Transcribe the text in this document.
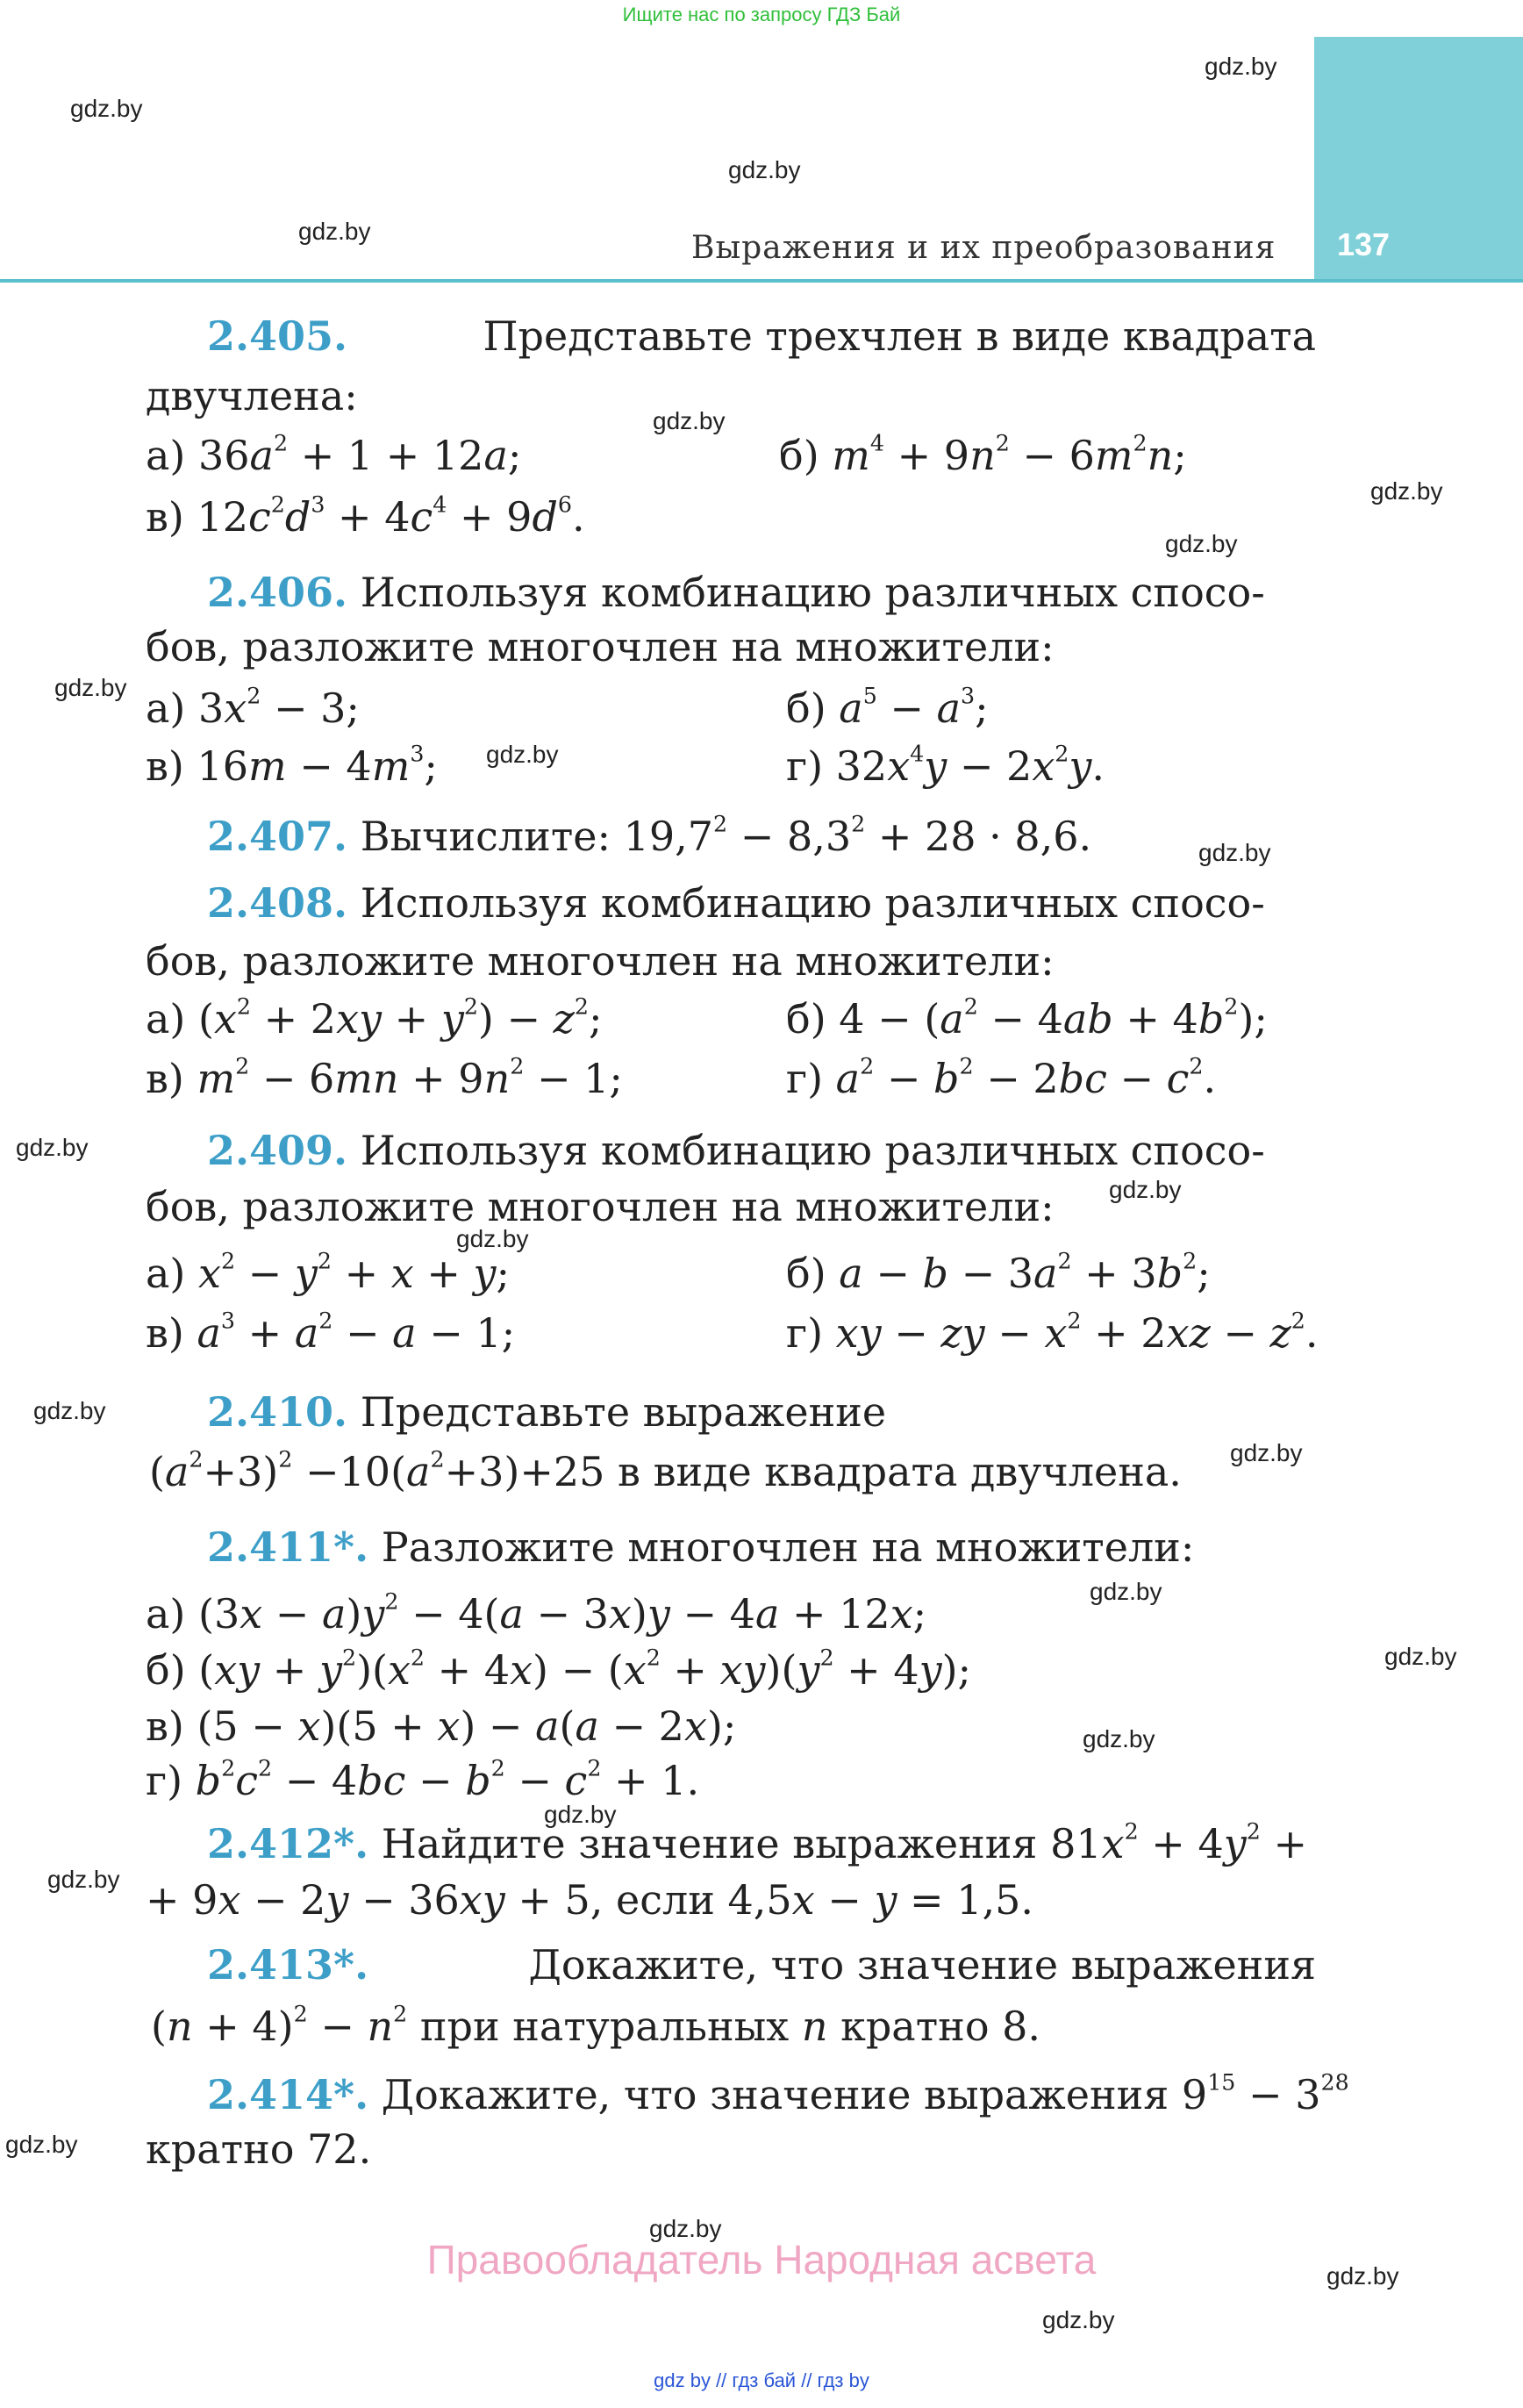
Ищите нас по запросу ГДЗ Бай
137
Выражения и их преобразования
gdz.by
gdz.by
gdz.by
gdz.by
gdz.by
gdz.by
gdz.by
gdz.by
gdz.by
gdz.by
gdz.by
gdz.by
gdz.by
gdz.by
gdz.by
gdz.by
gdz.by
gdz.by
gdz.by
gdz.by
gdz.by
gdz.by
gdz.by
gdz.by
2.405.	Представьте трехчлен в виде квадрата
двучлена:
а) $36a^2 + 1 + 12a$;	б) $m^4 + 9n^2 - 6m^2n$;
в) $12c^2d^3 + 4c^4 + 9d^6$.
2.406. Используя комбинацию различных спосо-
бов, разложите многочлен на множители:
а) $3x^2 - 3$;	б) $a^5 - a^3$;
в) $16m - 4m^3$;	г) $32x^4y - 2x^2y$.
2.407. Вычислите: $19,7^2 - 8,3^2 + 28 \cdot 8,6$.
2.408. Используя комбинацию различных спосо-
бов, разложите многочлен на множители:
а) $(x^2 + 2xy + y^2) - z^2$;	б) $4 - (a^2 - 4ab + 4b^2)$;
в) $m^2 - 6mn + 9n^2 - 1$;	г) $a^2 - b^2 - 2bc - c^2$.
2.409. Используя комбинацию различных спосо-
бов, разложите многочлен на множители:
а) $x^2 - y^2 + x + y$;	б) $a - b - 3a^2 + 3b^2$;
в) $a^3 + a^2 - a - 1$;	г) xy − zy − $x^2 + 2xz - z^2$.
2.410. Представьте выражение
$(a^2+3)^2 -10(a^2+3)+25$ в виде квадрата двучлена.
2.411*. Разложите многочлен на множители:
а) $(3x - a)y^2 - 4(a - 3x)y - 4a + 12x$;
б) $(xy + y^2)(x^2 + 4x) - (x^2 + xy)(y^2 + 4y)$;
в) (5 − x)(5 + x) − a(a − 2x);
г) $b^2c^2 - 4bc - b^2 - c^2 + 1$.
2.412*. Найдите значение выражения $81x^2 + 4y^2$ +
+ 9x − 2y − 36xy + 5, если 4,5x − y = 1,5.
2.413*.	Докажите, что значение выражения
$(n + 4)^2 - n^2$ при натуральных n кратно 8.
2.414*. Докажите, что значение выражения $9^{15} - 3^{28}$
кратно 72.
Правообладатель Народная асвета
gdz by // гдз бай // гдз by
